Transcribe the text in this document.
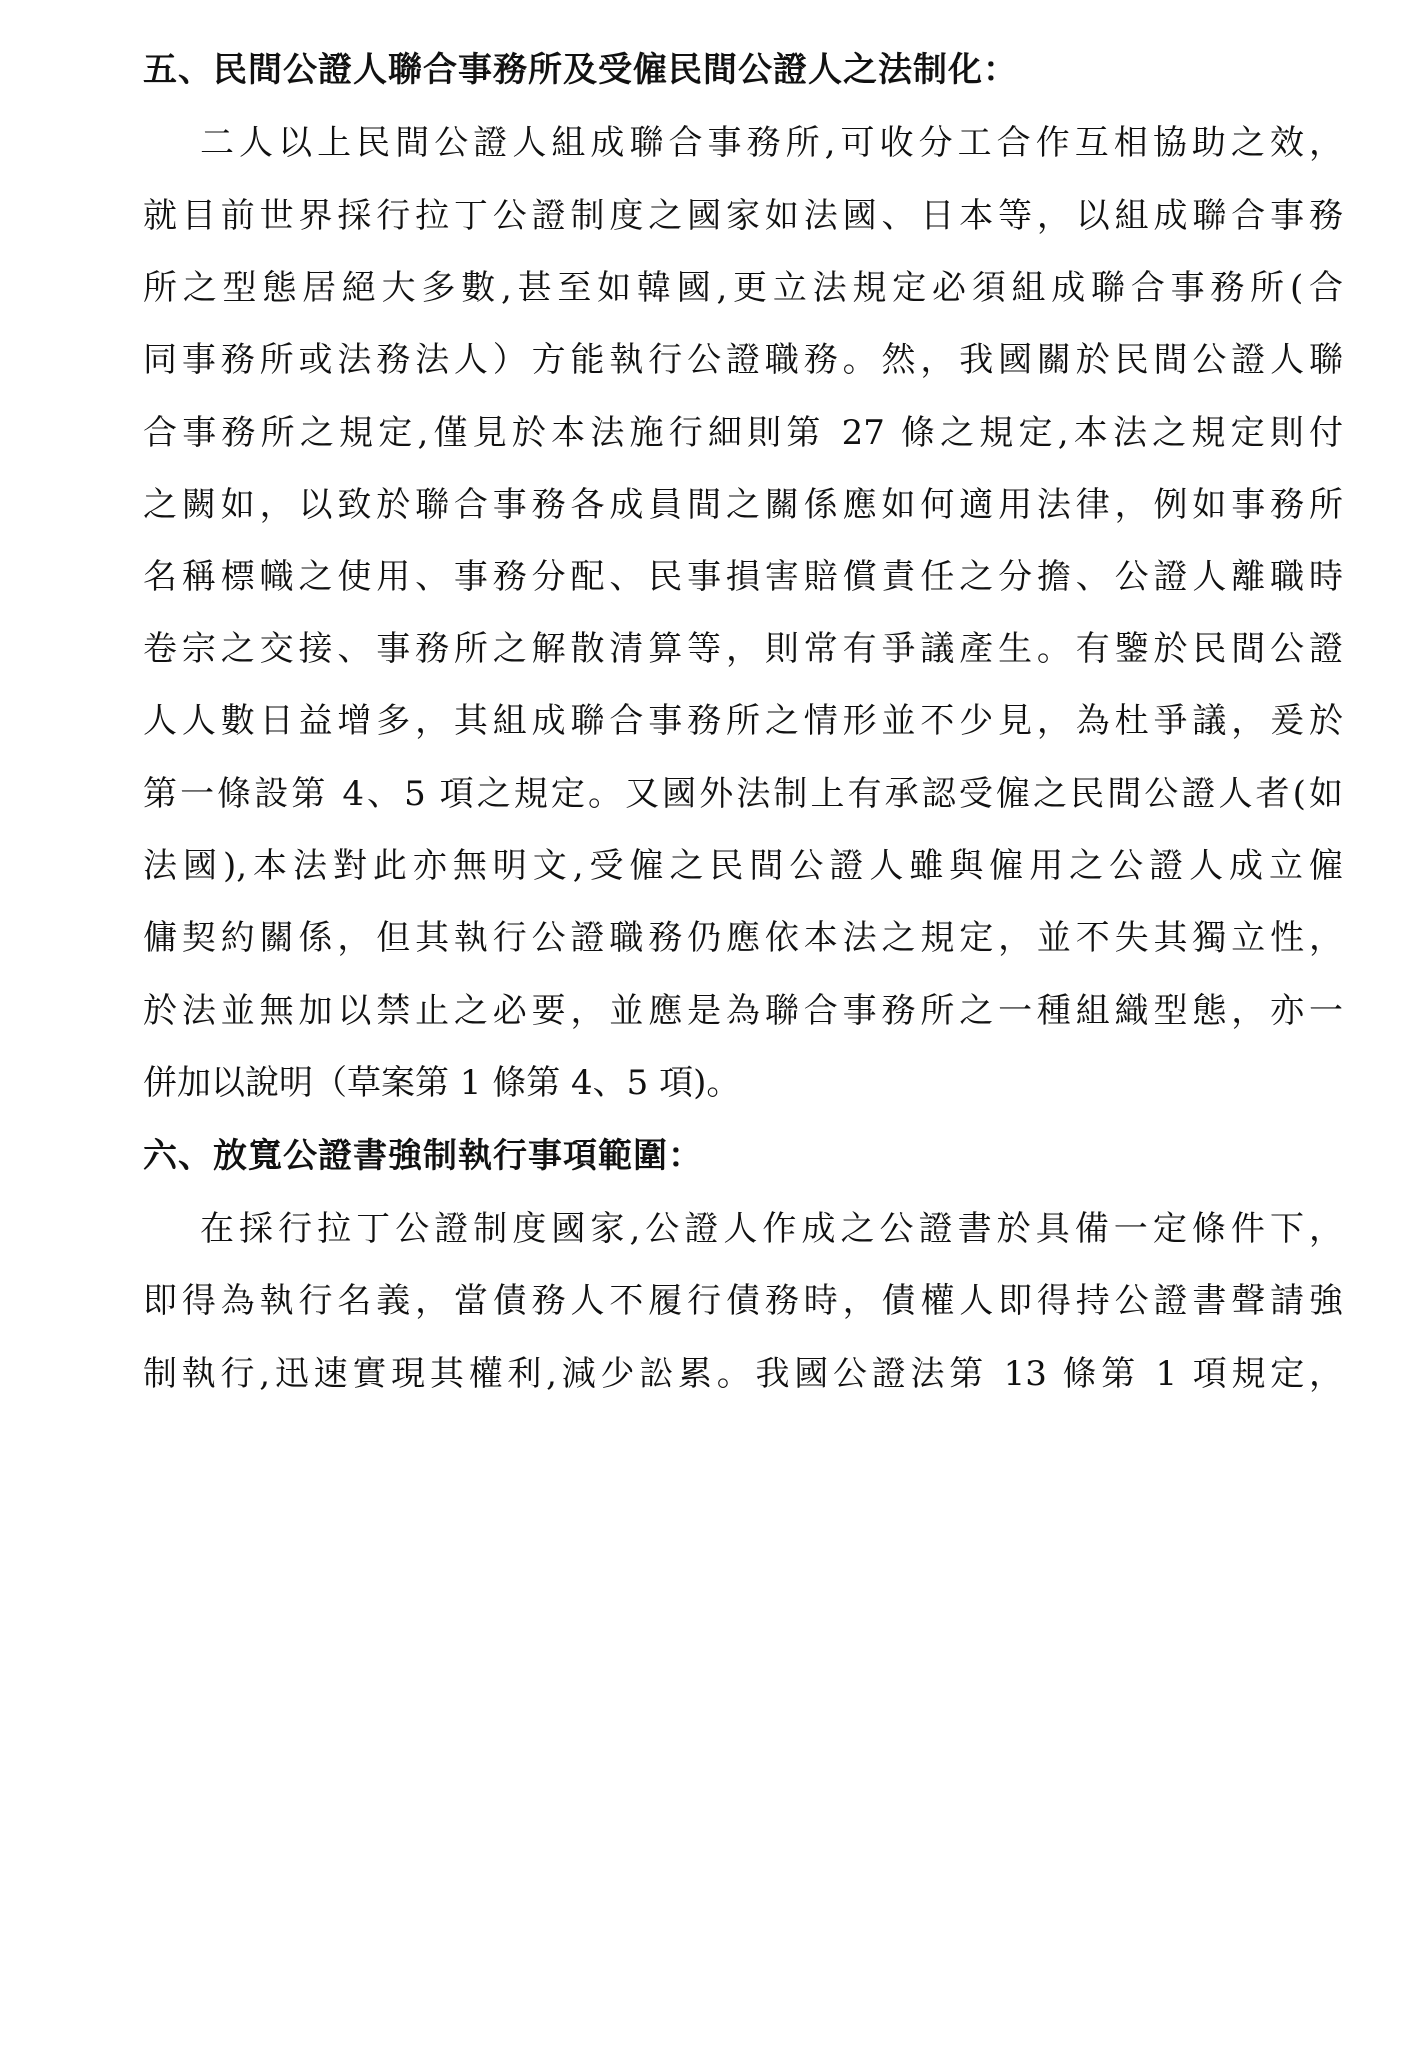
五、民間公證人聯合事務所及受僱民間公證人之法制化：
二人以上民間公證人組成聯合事務所,可收分工合作互相協助之效，
就目前世界採行拉丁公證制度之國家如法國、日本等，以組成聯合事務
所之型態居絕大多數,甚至如韓國,更立法規定必須組成聯合事務所(合
同事務所或法務法人）方能執行公證職務。然，我國關於民間公證人聯
合事務所之規定,僅見於本法施行細則第 27 條之規定,本法之規定則付
之闕如，以致於聯合事務各成員間之關係應如何適用法律，例如事務所
名稱標幟之使用、事務分配、民事損害賠償責任之分擔、公證人離職時
卷宗之交接、事務所之解散清算等，則常有爭議產生。有鑒於民間公證
人人數日益增多，其組成聯合事務所之情形並不少見，為杜爭議，爰於
第一條設第 4、5 項之規定。又國外法制上有承認受僱之民間公證人者(如
法國),本法對此亦無明文,受僱之民間公證人雖與僱用之公證人成立僱
傭契約關係，但其執行公證職務仍應依本法之規定，並不失其獨立性，
於法並無加以禁止之必要，並應是為聯合事務所之一種組織型態，亦一
併加以說明（草案第 1 條第 4、5 項)。
六、放寬公證書強制執行事項範圍：
在採行拉丁公證制度國家,公證人作成之公證書於具備一定條件下，
即得為執行名義，當債務人不履行債務時，債權人即得持公證書聲請強
制執行,迅速實現其權利,減少訟累。我國公證法第 13 條第 1 項規定，
